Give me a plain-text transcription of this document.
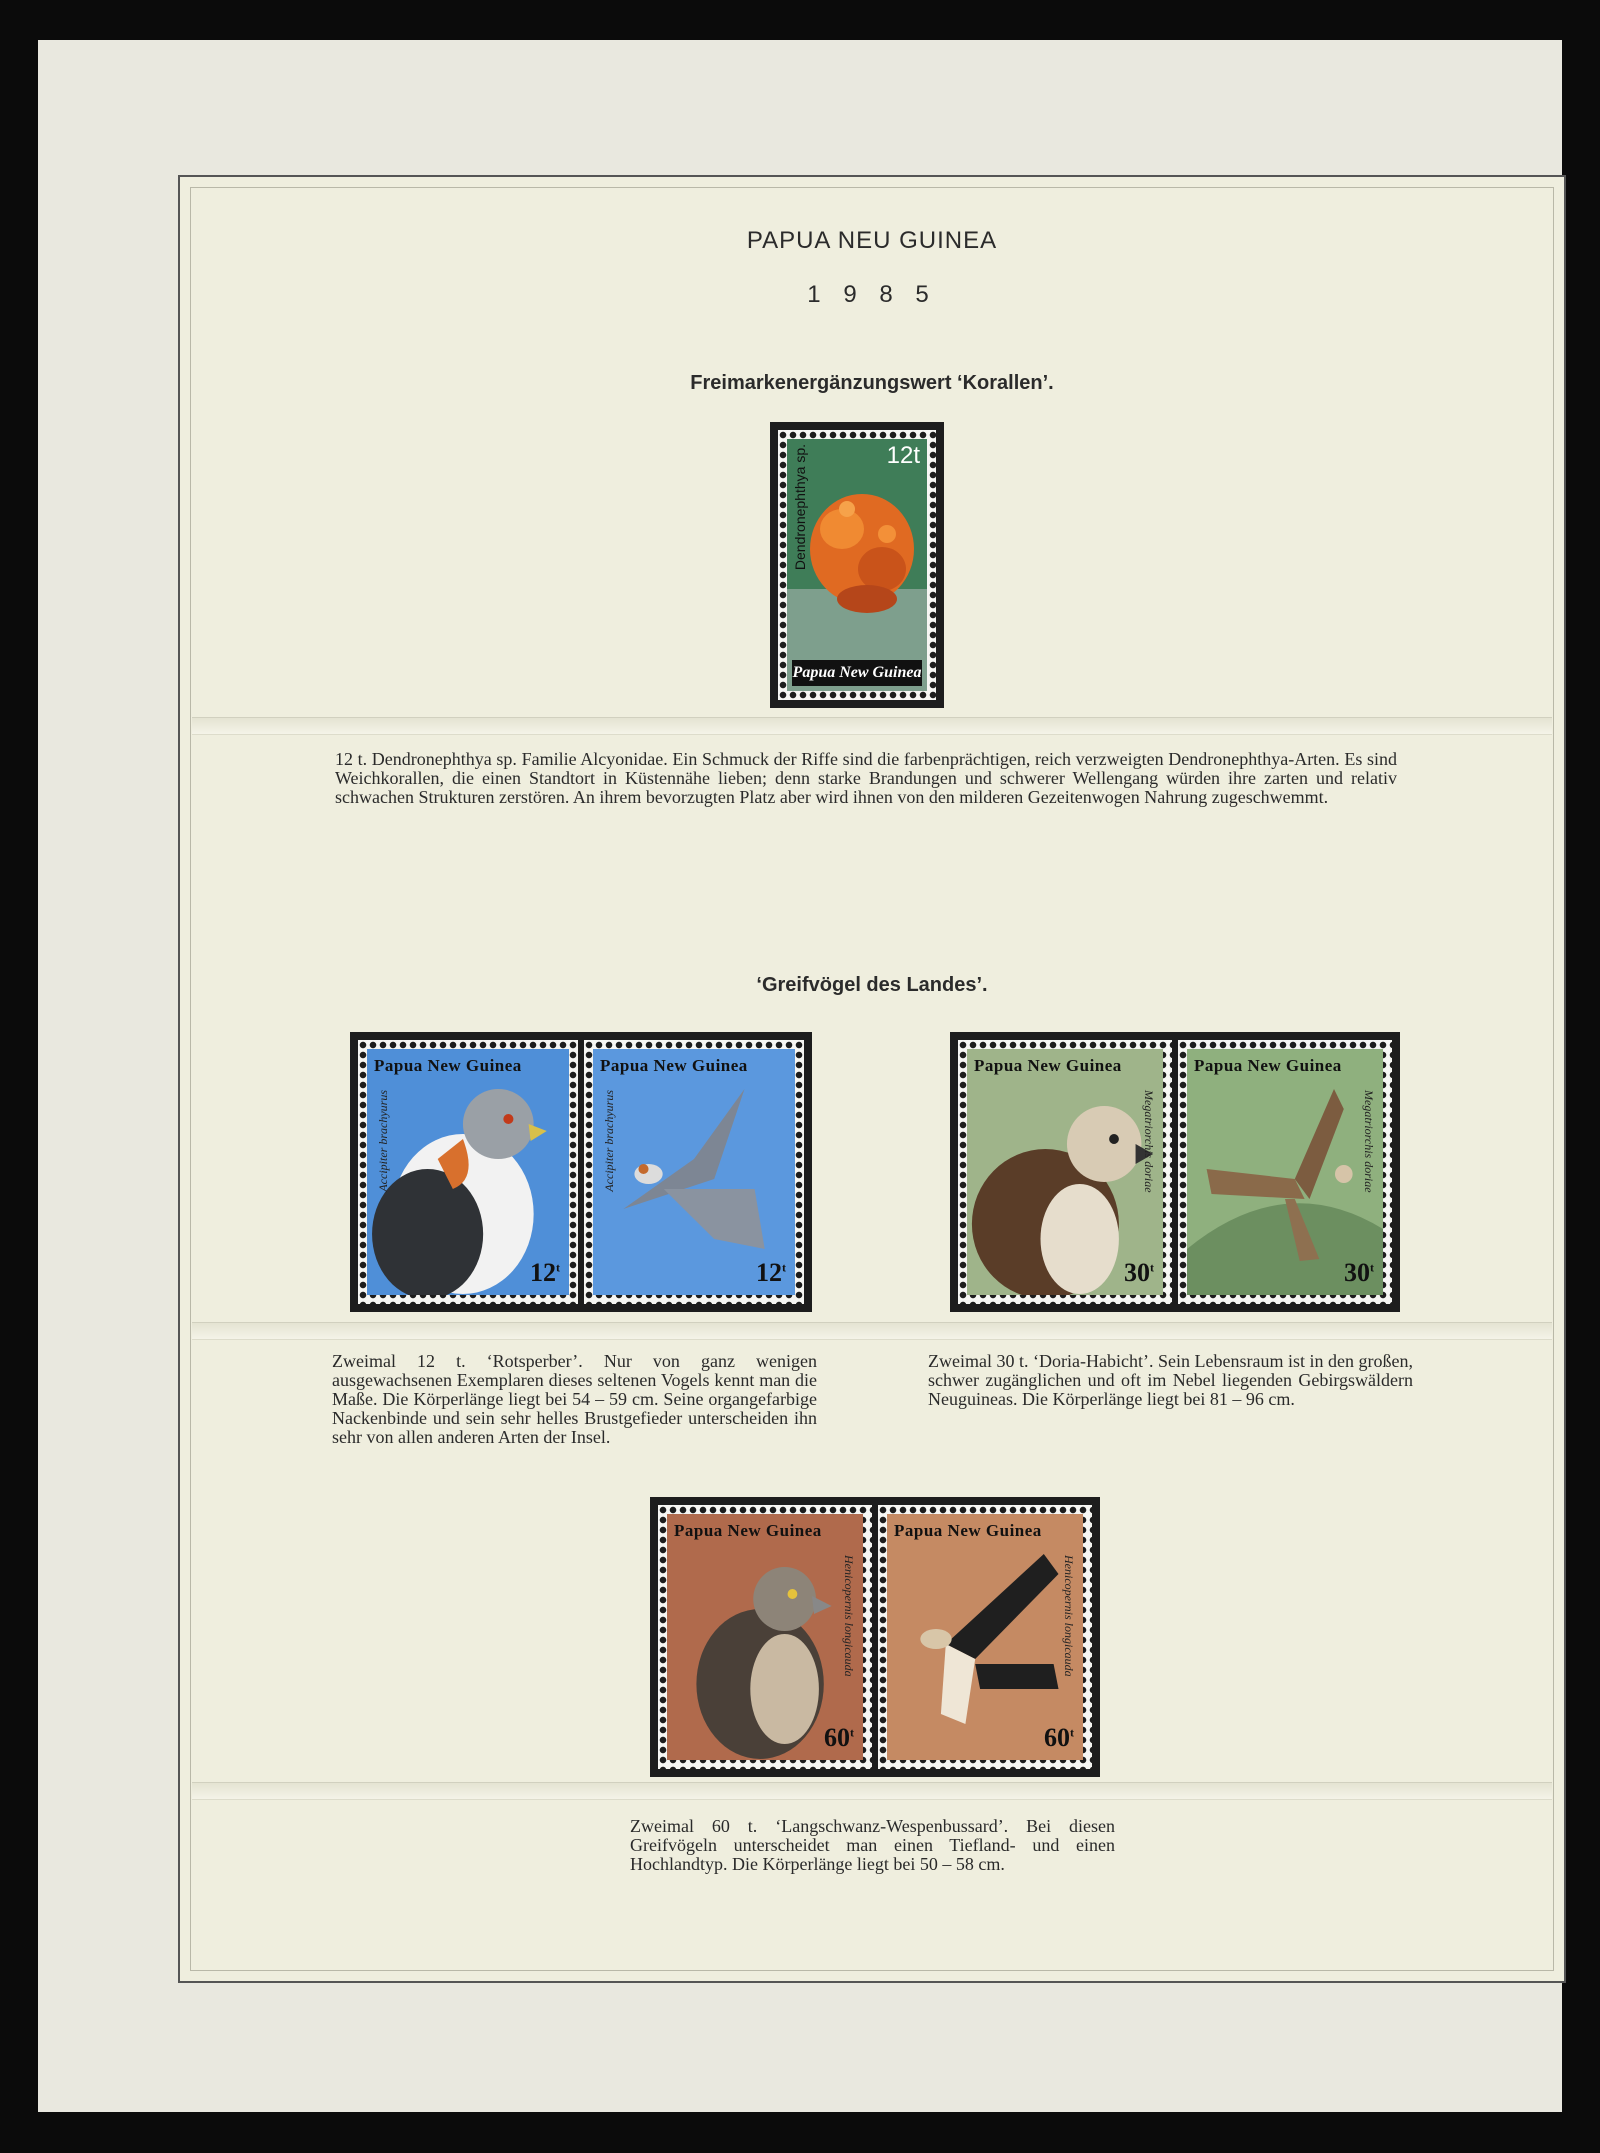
PAPUA NEU GUINEA
1 9 8 5
Freimarkenergänzungswert ‘Korallen’.
Dendronephthya sp.	12t
Papua New Guinea
12 t. Dendronephthya sp. Familie Alcyonidae. Ein Schmuck der Riffe sind die farbenprächtigen, reich verzweigten Dendronephthya-Arten. Es sind Weichkorallen, die einen Standtort in Küstennähe lieben; denn starke Brandungen und schwerer Wellengang würden ihre zarten und relativ schwachen Strukturen zerstören. An ihrem bevorzugten Platz aber wird ihnen von den milderen Gezeitenwogen Nahrung zugeschwemmt.
‘Greifvögel des Landes’.
Papua New Guinea
Accipiter brachyurus
12$^t$
Papua New Guinea
Accipiter brachyurus
12$^t$
Papua New Guinea
Megatriorchis doriae
30$^t$
Papua New Guinea
Megatriorchis doriae
30$^t$
Zweimal 12 t. ‘Rotsperber’. Nur von ganz wenigen ausgewachsenen Exemplaren dieses seltenen Vogels kennt man die Maße. Die Körperlänge liegt bei 54 – 59 cm. Seine organgefarbige Nackenbinde und sein sehr helles Brustgefieder unterscheiden ihn sehr von allen anderen Arten der Insel.
Zweimal 30 t. ‘Doria-Habicht’. Sein Lebensraum ist in den großen, schwer zugänglichen und oft im Nebel liegenden Gebirgswäldern Neuguineas. Die Körperlänge liegt bei 81 – 96 cm.
Papua New Guinea
Henicopernis longicauda
60$^t$
Papua New Guinea
Henicopernis longicauda
60$^t$
Zweimal 60 t. ‘Langschwanz-Wespenbussard’. Bei diesen Greifvögeln unterscheidet man einen Tiefland- und einen Hochlandtyp. Die Körperlänge liegt bei 50 – 58 cm.
